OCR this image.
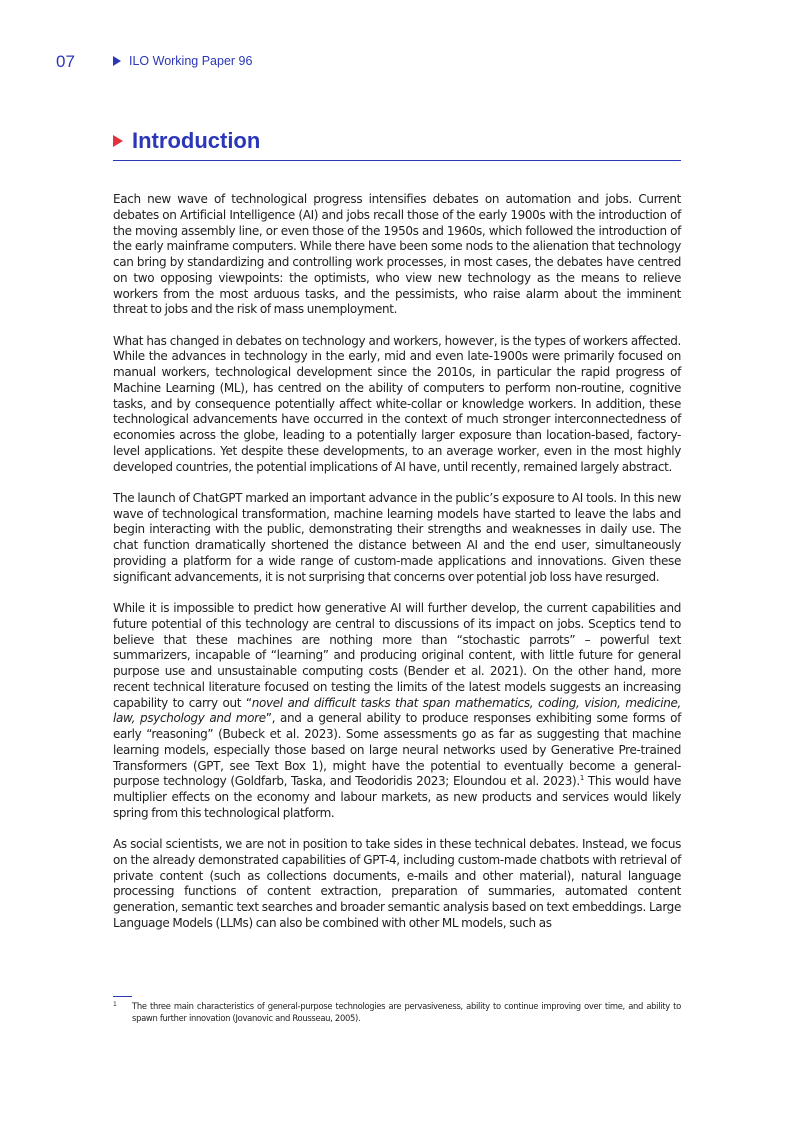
07	ILO Working Paper 96
Introduction

Each new wave of technological progress intensifies debates on automation and jobs. Current debates on Artificial Intelligence (AI) and jobs recall those of the early 1900s with the introduction of the moving assembly line, or even those of the 1950s and 1960s, which followed the introduction of the early mainframe computers. While there have been some nods to the alienation that technology can bring by standardizing and controlling work processes, in most cases, the debates have centred on two opposing viewpoints: the optimists, who view new technology as the means to relieve workers from the most arduous tasks, and the pessimists, who raise alarm about the imminent threat to jobs and the risk of mass unemployment.

What has changed in debates on technology and workers, however, is the types of workers affected. While the advances in technology in the early, mid and even late-1900s were primarily focused on manual workers, technological development since the 2010s, in particular the rapid progress of Machine Learning (ML), has centred on the ability of computers to perform non-routine, cognitive tasks, and by consequence potentially affect white-collar or knowledge workers. In addition, these technological advancements have occurred in the context of much stronger interconnectedness of economies across the globe, leading to a potentially larger exposure than location-based, factory-level applications. Yet despite these developments, to an average worker, even in the most highly developed countries, the potential implications of AI have, until recently, remained largely abstract.

The launch of ChatGPT marked an important advance in the public’s exposure to AI tools. In this new wave of technological transformation, machine learning models have started to leave the labs and begin interacting with the public, demonstrating their strengths and weaknesses in daily use. The chat function dramatically shortened the distance between AI and the end user, simultaneously providing a platform for a wide range of custom-made applications and innovations. Given these significant advancements, it is not surprising that concerns over potential job loss have resurged.

While it is impossible to predict how generative AI will further develop, the current capabilities and future potential of this technology are central to discussions of its impact on jobs. Sceptics tend to believe that these machines are nothing more than “stochastic parrots” – powerful text summarizers, incapable of “learning” and producing original content, with little future for general purpose use and unsustainable computing costs (Bender et al. 2021). On the other hand, more recent technical literature focused on testing the limits of the latest models suggests an increasing capability to carry out “novel and difficult tasks that span mathematics, coding, vision, medicine, law, psychology and more”, and a general ability to produce responses exhibiting some forms of early “reasoning” (Bubeck et al. 2023). Some assessments go as far as suggesting that machine learning models, especially those based on large neural networks used by Generative Pre-trained Transformers (GPT, see Text Box 1), might have the potential to eventually become a general-purpose technology (Goldfarb, Taska, and Teodoridis 2023; Eloundou et al. 2023).$^1$ This would have multiplier effects on the economy and labour markets, as new products and services would likely spring from this technological platform.

As social scientists, we are not in position to take sides in these technical debates. Instead, we focus on the already demonstrated capabilities of GPT-4, including custom-made chatbots with retrieval of private content (such as collections documents, e-mails and other material), natural language processing functions of content extraction, preparation of summaries, automated content generation, semantic text searches and broader semantic analysis based on text embeddings. Large Language Models (LLMs) can also be combined with other ML models, such as

1	The three main characteristics of general-purpose technologies are pervasiveness, ability to continue improving over time, and ability to spawn further innovation (Jovanovic and Rousseau, 2005).
